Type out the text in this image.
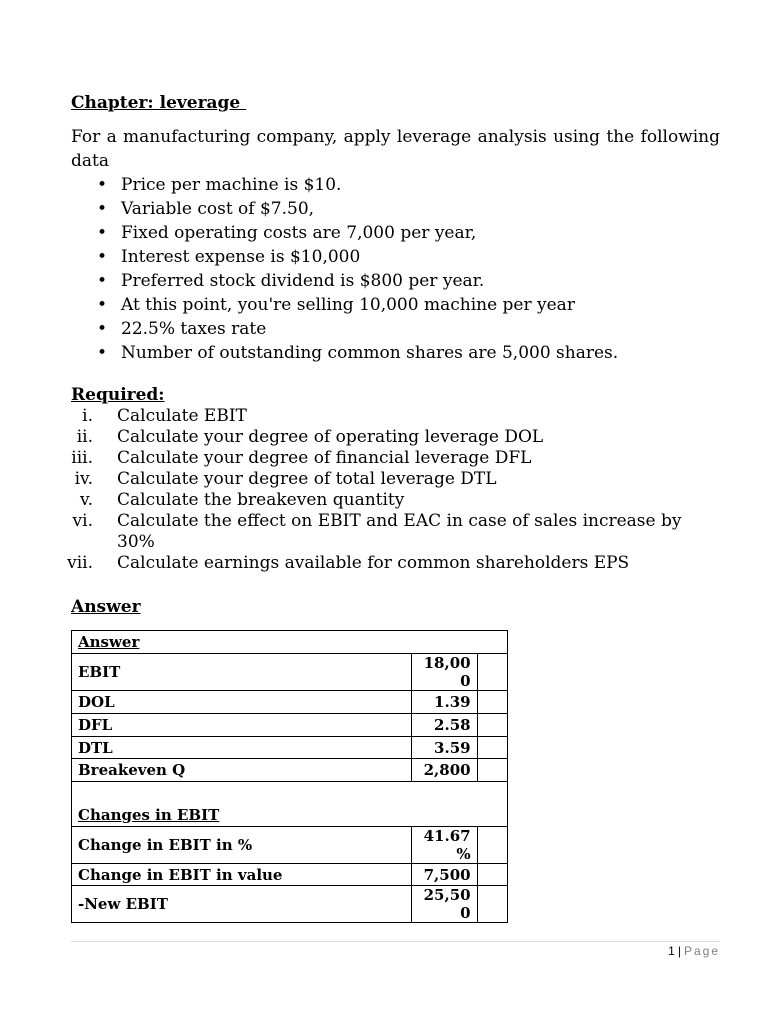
Chapter: leverage

For a manufacturing company, apply leverage analysis using the following data

• Price per machine is $10.
• Variable cost of $7.50,
• Fixed operating costs are 7,000 per year,
• Interest expense is $10,000
• Preferred stock dividend is $800 per year.
• At this point, you're selling 10,000 machine per year
• 22.5% taxes rate
• Number of outstanding common shares are 5,000 shares.

Required:

i. Calculate EBIT
ii. Calculate your degree of operating leverage DOL
iii. Calculate your degree of financial leverage DFL
iv. Calculate your degree of total leverage DTL
v. Calculate the breakeven quantity
vi. Calculate the effect on EBIT and EAC in case of sales increase by 30%
vii. Calculate earnings available for common shareholders EPS

Answer

Answer		
EBIT	18,00
0	
DOL	1.39	
DFL	2.58	
DTL	3.59	
Breakeven Q	2,800	
Changes in EBIT		
Change in EBIT in %	41.67
%	
Change in EBIT in value	7,500	
-New EBIT	25,50
0	
1 | Page
